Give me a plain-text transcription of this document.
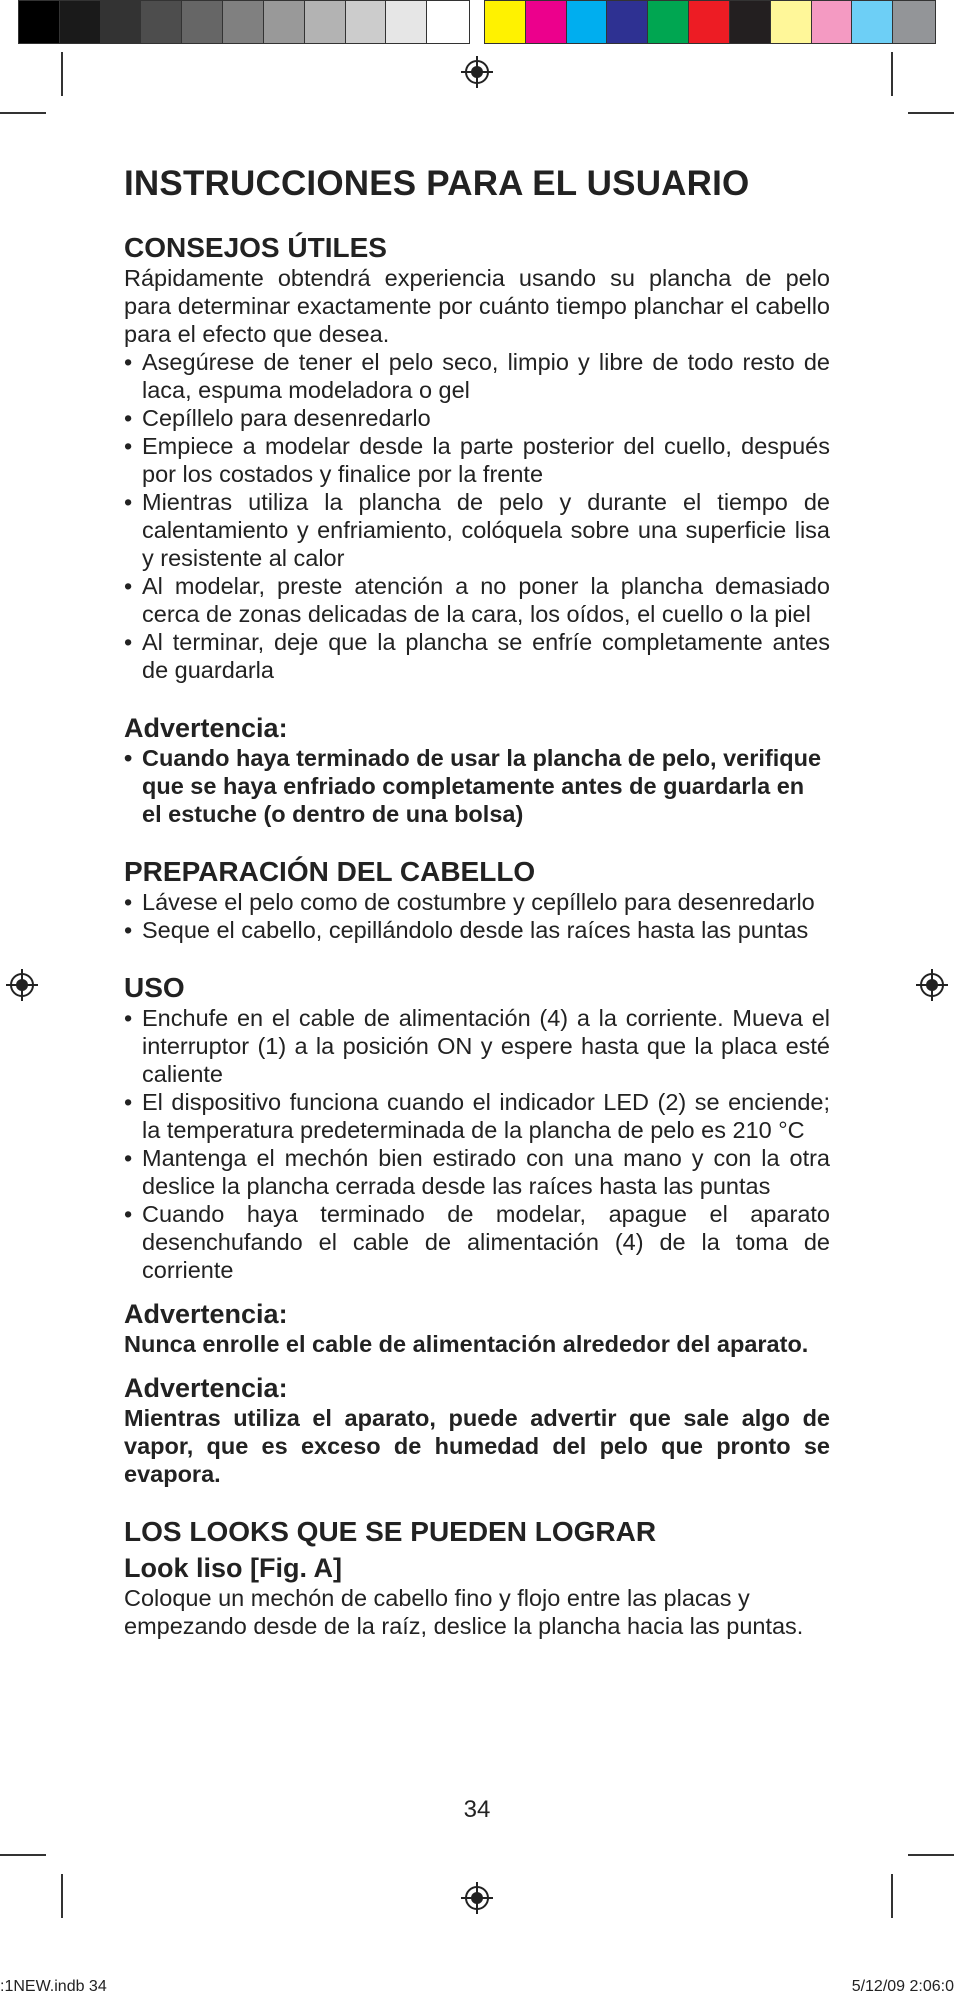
INSTRUCCIONES PARA EL USUARIO
CONSEJOS ÚTILES

Rápidamente obtendrá experiencia usando su plancha de pelo para determinar exactamente por cuánto tiempo planchar el cabello para el efecto que desea.

• Asegúrese de tener el pelo seco, limpio y libre de todo resto de laca, espuma modeladora o gel
• Cepíllelo para desenredarlo
• Empiece a modelar desde la parte posterior del cuello, después por los costados y finalice por la frente
• Mientras utiliza la plancha de pelo y durante el tiempo de calentamiento y enfriamiento, colóquela sobre una superficie lisa y resistente al calor
• Al modelar, preste atención a no poner la plancha demasiado cerca de zonas delicadas de la cara, los oídos, el cuello o la piel
• Al terminar, deje que la plancha se enfríe completamente antes de guardarla
Advertencia:
• Cuando haya terminado de usar la plancha de pelo, verifique que se haya enfriado completamente antes de guardarla en el estuche (o dentro de una bolsa)
PREPARACIÓN DEL CABELLO
• Lávese el pelo como de costumbre y cepíllelo para desenredarlo
• Seque el cabello, cepillándolo desde las raíces hasta las puntas
USO
• Enchufe en el cable de alimentación (4) a la corriente. Mueva el interruptor (1) a la posición ON y espere hasta que la placa esté caliente
• El dispositivo funciona cuando el indicador LED (2) se enciende; la temperatura predeterminada de la plancha de pelo es 210 °C
• Mantenga el mechón bien estirado con una mano y con la otra deslice la plancha cerrada desde las raíces hasta las puntas
• Cuando haya terminado de modelar, apague el aparato desenchufando el cable de alimentación (4) de la toma de corriente
Advertencia:

Nunca enrolle el cable de alimentación alrededor del aparato.

Advertencia:

Mientras utiliza el aparato, puede advertir que sale algo de vapor, que es exceso de humedad del pelo que pronto se evapora.

LOS LOOKS QUE SE PUEDEN LOGRAR
Look liso [Fig. A]

Coloque un mechón de cabello fino y flojo entre las placas y empezando desde de la raíz, deslice la plancha hacia las puntas.

34
:1NEW.indb 34	5/12/09 2:06:0
